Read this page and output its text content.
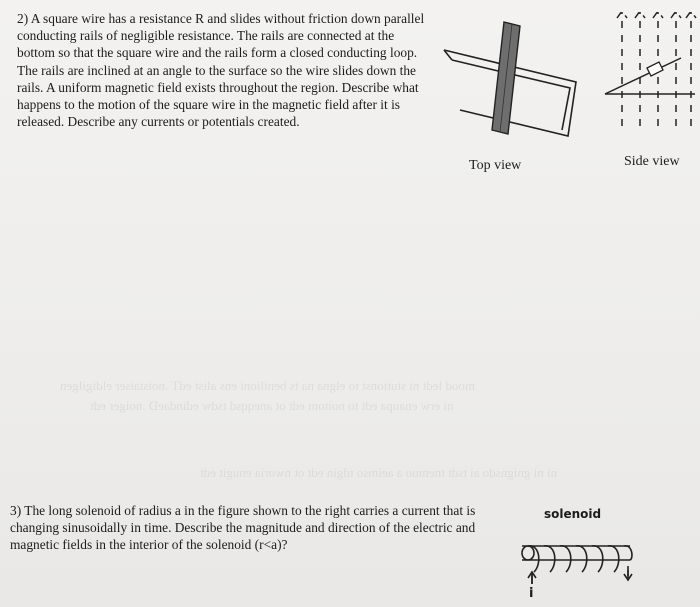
mood ledt ni stutionst to elgna na ts benilioni ens alist edT .noistaiser eldigilgen
ni erw enaupa edt to noitom edt ot aneqqsd tsdw edindaeD .noiger edt
ni ni gnignsdo ai tsdt tnemuo a aeimso tdgin edt ot nworia enugit edt

2) A square wire has a resistance R and slides without friction down parallel conducting rails of negligible resistance. The rails are connected at the bottom so that the square wire and the rails form a closed conducting loop. The rails are inclined at an angle to the surface so the wire slides down the rails. A uniform magnetic field exists throughout the region. Describe what happens to the motion of the square wire in the magnetic field after it is released. Describe any currents or potentials created.

Top view	Side view

3) The long solenoid of radius a in the figure shown to the right carries a current that is changing sinusoidally in time. Describe the magnitude and direction of the electric and magnetic fields in the interior of the solenoid (r<a)?

solenoid
i
